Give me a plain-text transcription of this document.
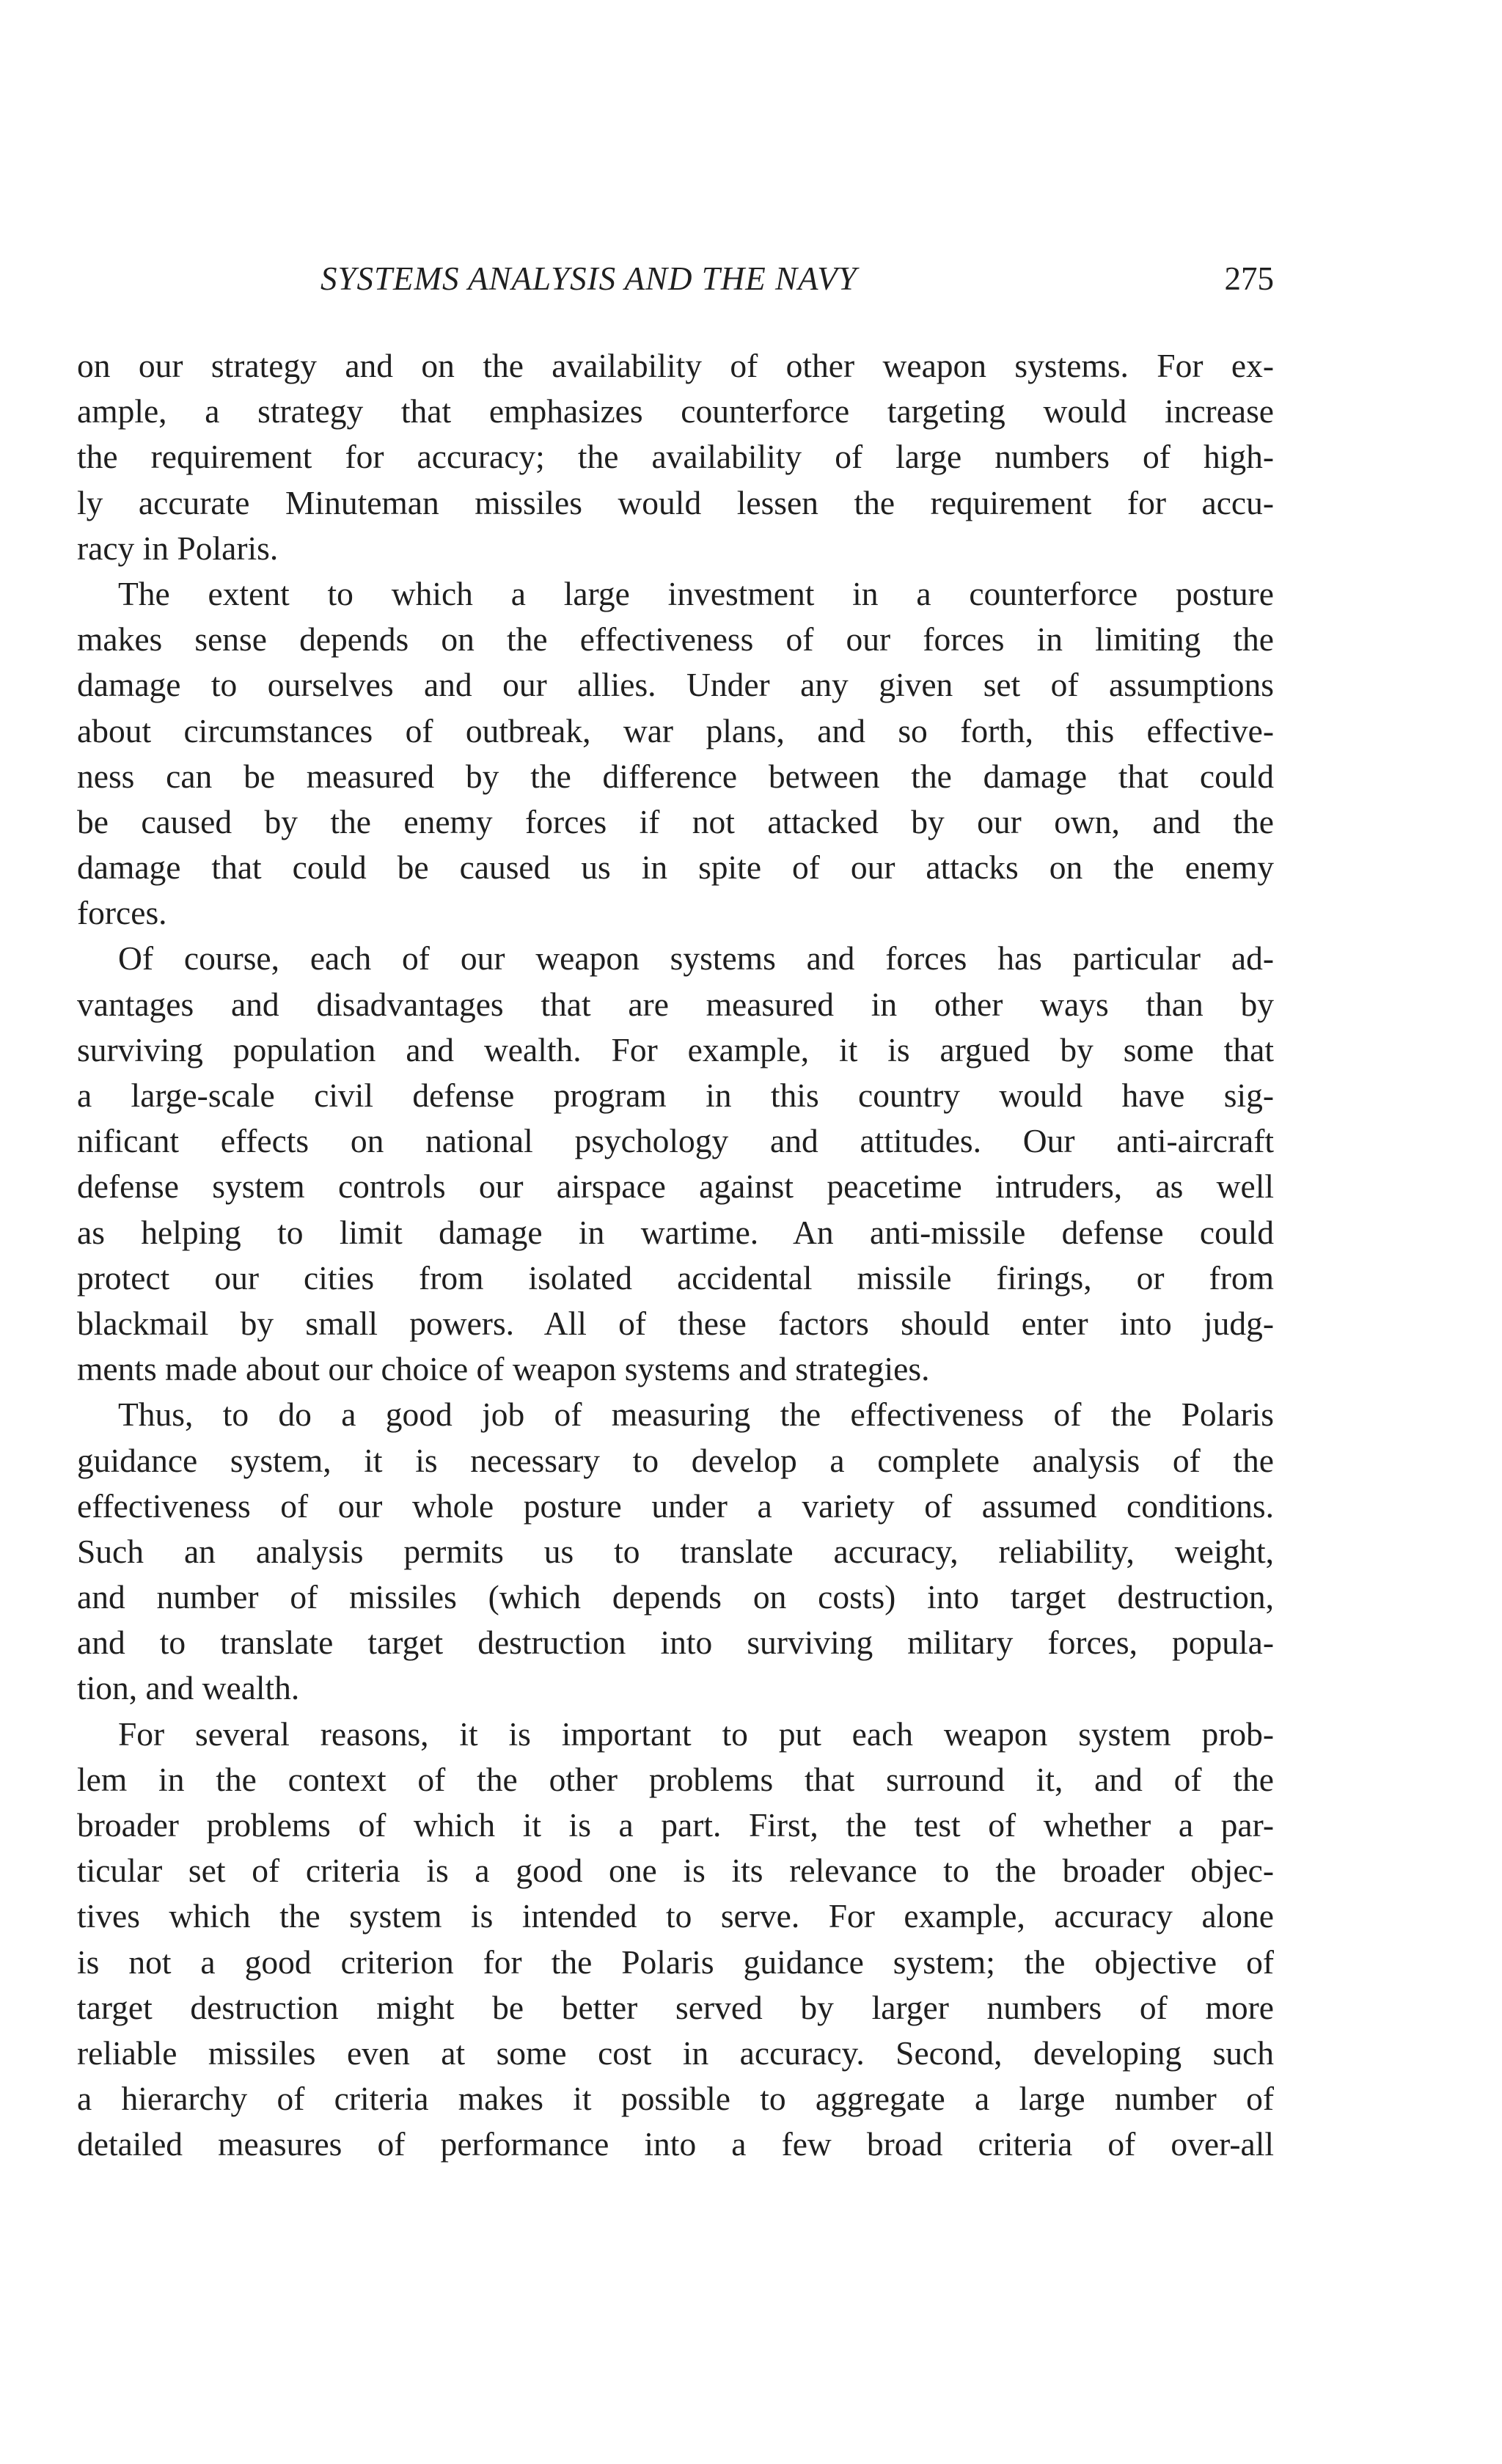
SYSTEMS ANALYSIS AND THE NAVY	275

on our strategy and on the availability of other weapon systems. For ex-
ample, a strategy that emphasizes counterforce targeting would increase
the requirement for accuracy; the availability of large numbers of high-
ly accurate Minuteman missiles would lessen the requirement for accu-
racy in Polaris.

The extent to which a large investment in a counterforce posture
makes sense depends on the effectiveness of our forces in limiting the
damage to ourselves and our allies. Under any given set of assumptions
about circumstances of outbreak, war plans, and so forth, this effective-
ness can be measured by the difference between the damage that could
be caused by the enemy forces if not attacked by our own, and the
damage that could be caused us in spite of our attacks on the enemy
forces.

Of course, each of our weapon systems and forces has particular ad-
vantages and disadvantages that are measured in other ways than by
surviving population and wealth. For example, it is argued by some that
a large-scale civil defense program in this country would have sig-
nificant effects on national psychology and attitudes. Our anti-aircraft
defense system controls our airspace against peacetime intruders, as well
as helping to limit damage in wartime. An anti-missile defense could
protect our cities from isolated accidental missile firings, or from
blackmail by small powers. All of these factors should enter into judg-
ments made about our choice of weapon systems and strategies.

Thus, to do a good job of measuring the effectiveness of the Polaris
guidance system, it is necessary to develop a complete analysis of the
effectiveness of our whole posture under a variety of assumed conditions.
Such an analysis permits us to translate accuracy, reliability, weight,
and number of missiles (which depends on costs) into target destruction,
and to translate target destruction into surviving military forces, popula-
tion, and wealth.

For several reasons, it is important to put each weapon system prob-
lem in the context of the other problems that surround it, and of the
broader problems of which it is a part. First, the test of whether a par-
ticular set of criteria is a good one is its relevance to the broader objec-
tives which the system is intended to serve. For example, accuracy alone
is not a good criterion for the Polaris guidance system; the objective of
target destruction might be better served by larger numbers of more
reliable missiles even at some cost in accuracy. Second, developing such
a hierarchy of criteria makes it possible to aggregate a large number of
detailed measures of performance into a few broad criteria of over-all
